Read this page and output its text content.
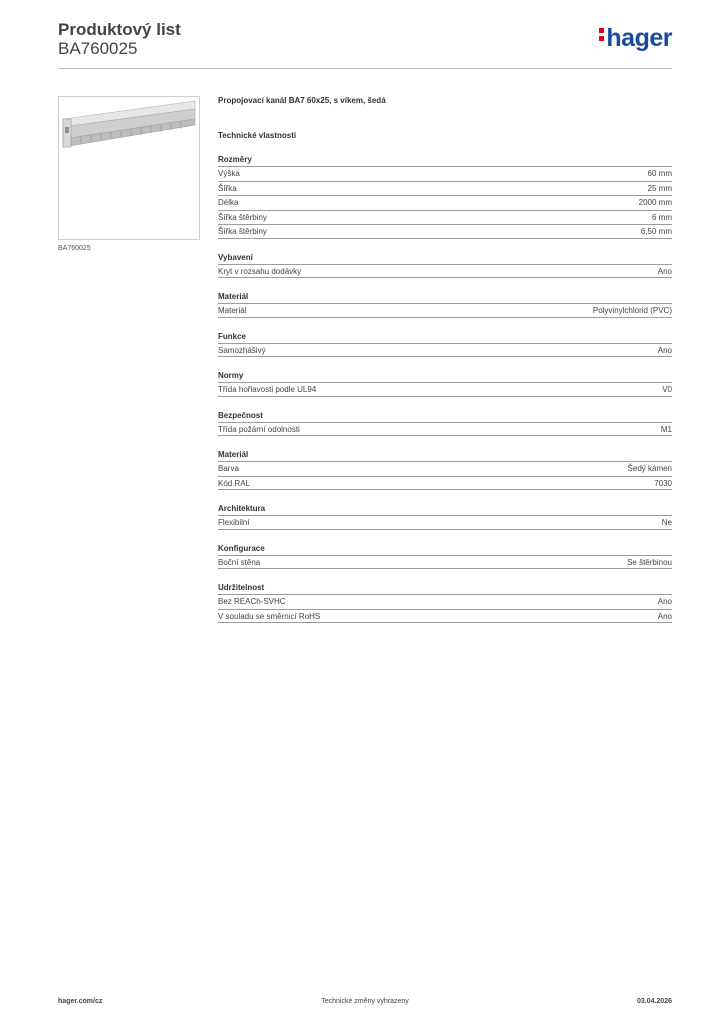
Produktový list
BA760025	hager
BA760025
Propojovací kanál BA7 60x25, s víkem, šedá
Technické vlastnosti
Rozměry
Výška	60 mm
Šířka	25 mm
Délka	2000 mm
Šířka štěrbiny	6 mm
Šířka štěrbiny	6,50 mm
Vybavení
Kryt v rozsahu dodávky	Ano
Materiál
Materiál	Polyvinylchlorid (PVC)
Funkce
Samozhášivý	Ano
Normy
Třída hořlavosti podle UL94	V0
Bezpečnost
Třída požární odolnosti	M1
Materiál
Barva	Šedý kámen
Kód RAL	7030
Architektura
Flexibilní	Ne
Konfigurace
Boční stěna	Se štěrbinou
Udržitelnost
Bez REACh-SVHC	Ano
V souladu se směrnicí RoHS	Ano
hager.com/cz	Technické změny vyhrazeny	03.04.2026
